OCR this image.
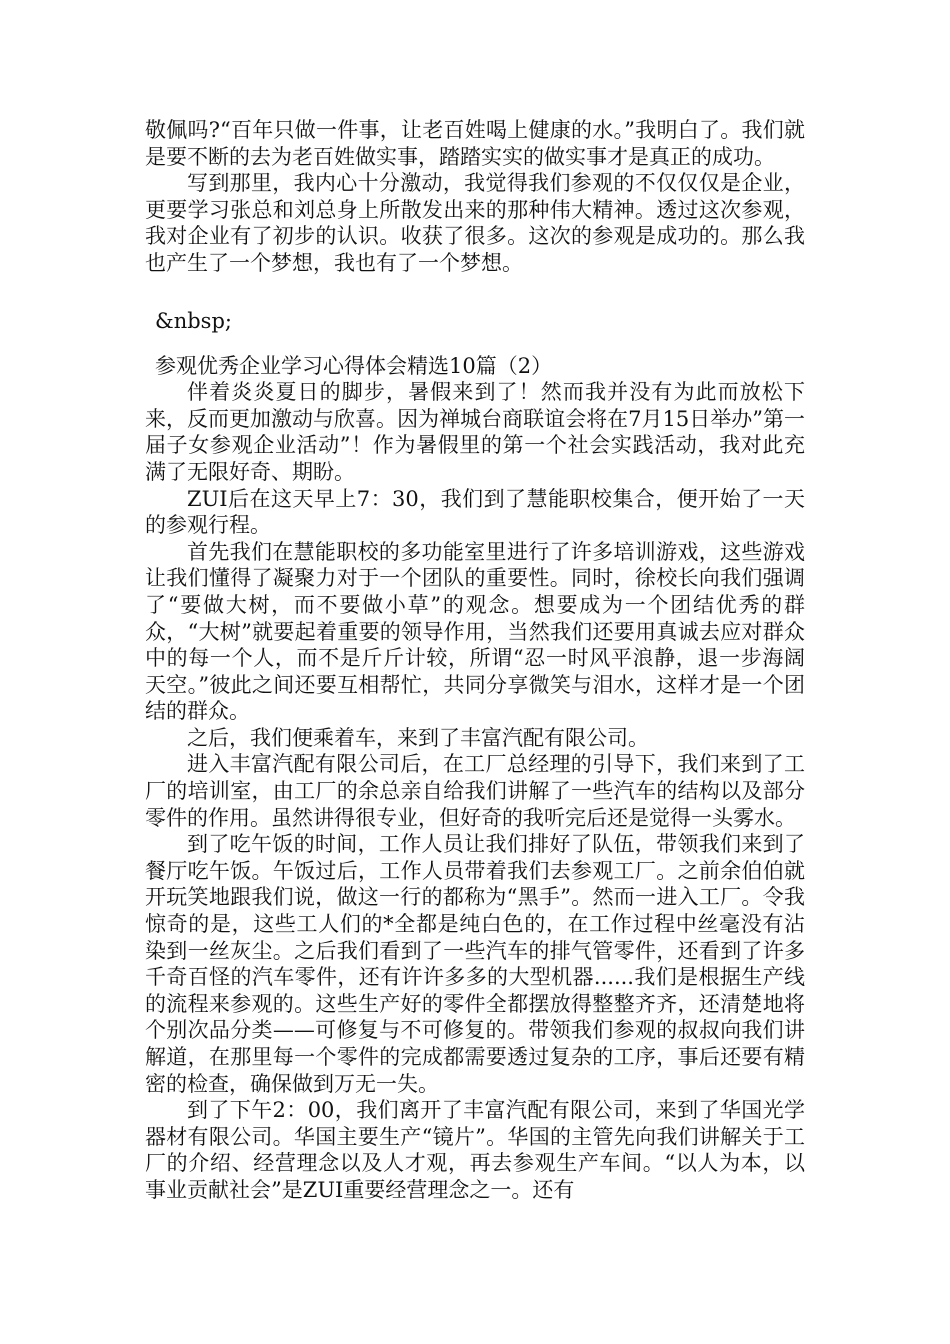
敬佩吗?“百年只做一件事，让老百姓喝上健康的水。”我明白了。我们就是要不断的去为老百姓做实事，踏踏实实的做实事才是真正的成功。

写到那里，我内心十分激动，我觉得我们参观的不仅仅仅是企业，更要学习张总和刘总身上所散发出来的那种伟大精神。透过这次参观，我对企业有了初步的认识。收获了很多。这次的参观是成功的。那么我也产生了一个梦想，我也有了一个梦想。

&nbsp;

参观优秀企业学习心得体会精选10篇（2）

伴着炎炎夏日的脚步，暑假来到了！然而我并没有为此而放松下来，反而更加激动与欣喜。因为禅城台商联谊会将在7月15日举办”第一届子女参观企业活动”！作为暑假里的第一个社会实践活动，我对此充满了无限好奇、期盼。

ZUI后在这天早上7：30，我们到了慧能职校集合，便开始了一天的参观行程。

首先我们在慧能职校的多功能室里进行了许多培训游戏，这些游戏让我们懂得了凝聚力对于一个团队的重要性。同时，徐校长向我们强调了“要做大树，而不要做小草”的观念。想要成为一个团结优秀的群众，“大树”就要起着重要的领导作用，当然我们还要用真诚去应对群众中的每一个人，而不是斤斤计较，所谓“忍一时风平浪静，退一步海阔天空。”彼此之间还要互相帮忙，共同分享微笑与泪水，这样才是一个团结的群众。

之后，我们便乘着车，来到了丰富汽配有限公司。

进入丰富汽配有限公司后，在工厂总经理的引导下，我们来到了工厂的培训室，由工厂的余总亲自给我们讲解了一些汽车的结构以及部分零件的作用。虽然讲得很专业，但好奇的我听完后还是觉得一头雾水。

到了吃午饭的时间，工作人员让我们排好了队伍，带领我们来到了餐厅吃午饭。午饭过后，工作人员带着我们去参观工厂。之前余伯伯就开玩笑地跟我们说，做这一行的都称为“黑手”。然而一进入工厂。令我惊奇的是，这些工人们的*全都是纯白色的，在工作过程中丝毫没有沾染到一丝灰尘。之后我们看到了一些汽车的排气管零件，还看到了许多千奇百怪的汽车零件，还有许许多多的大型机器......我们是根据生产线的流程来参观的。这些生产好的零件全都摆放得整整齐齐，还清楚地将个别次品分类——可修复与不可修复的。带领我们参观的叔叔向我们讲解道，在那里每一个零件的完成都需要透过复杂的工序，事后还要有精密的检查，确保做到万无一失。

到了下午2：00，我们离开了丰富汽配有限公司，来到了华国光学器材有限公司。华国主要生产“镜片”。华国的主管先向我们讲解关于工厂的介绍、经营理念以及人才观，再去参观生产车间。“以人为本，以事业贡献社会”是ZUI重要经营理念之一。还有
